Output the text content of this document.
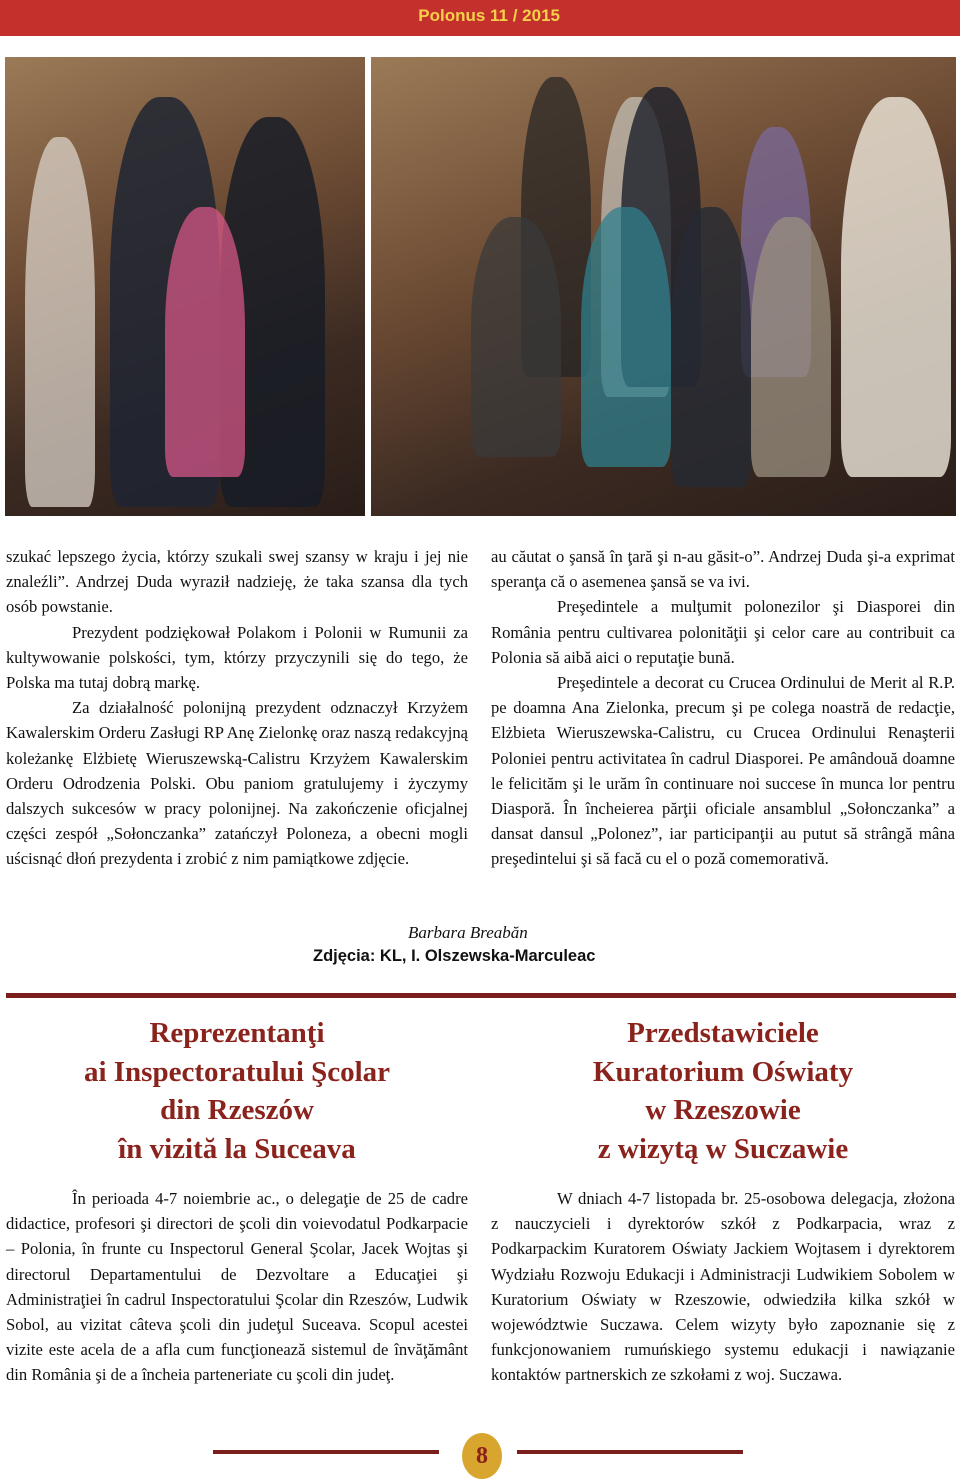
Polonus 11 / 2015

szukać lepszego życia, którzy szukali swej szansy w kraju i jej nie znaleźli”. Andrzej Duda wyraził nadzieję, że taka szansa dla tych osób powstanie.

Prezydent podziękował Polakom i Polonii w Rumunii za kultywowanie polskości, tym, którzy przyczynili się do tego, że Polska ma tutaj dobrą markę.

Za działalność polonijną prezydent odznaczył Krzyżem Kawalerskim Orderu Zasługi RP Anę Zielonkę oraz naszą redakcyjną koleżankę Elżbietę Wieruszewską-Calistru Krzyżem Kawalerskim Orderu Odrodzenia Polski. Obu paniom gratulujemy i życzymy dalszych sukcesów w pracy polonijnej. Na zakończenie oficjalnej części zespół „Sołonczanka” zatańczył Poloneza, a obecni mogli uścisnąć dłoń prezydenta i zrobić z nim pamiątkowe zdjęcie.

au căutat o şansă în ţară şi n-au găsit-o”. Andrzej Duda şi-a exprimat speranţa că o asemenea şansă se va ivi.

Preşedintele a mulţumit polonezilor şi Diasporei din România pentru cultivarea polonităţii şi celor care au contribuit ca Polonia să aibă aici o reputaţie bună.

Preşedintele a decorat cu Crucea Ordinului de Merit al R.P. pe doamna Ana Zielonka, precum şi pe colega noastră de redacţie, Elżbieta Wieruszewska-Calistru, cu Crucea Ordinului Renaşterii Poloniei pentru activitatea în cadrul Diasporei. Pe amândouă doamne le felicităm şi le urăm în continuare noi succese în munca lor pentru Diasporă. În încheierea părţii oficiale ansamblul „Sołonczanka” a dansat dansul „Polonez”, iar participanţii au putut să strângă mâna preşedintelui şi să facă cu el o poză comemorativă.

Barbara Breabăn
Zdjęcia: KL, I. Olszewska-Marculeac
Reprezentanţi
ai Inspectoratului Şcolar
din Rzeszów
în vizită la Suceava
Przedstawiciele
Kuratorium Oświaty
w Rzeszowie
z wizytą w Suczawie

În perioada 4-7 noiembrie ac., o delegaţie de 25 de cadre didactice, profesori şi directori de şcoli din voievodatul Podkarpacie – Polonia, în frunte cu Inspectorul General Şcolar, Jacek Wojtas şi directorul Departamentului de Dezvoltare a Educaţiei şi Administraţiei în cadrul Inspectoratului Şcolar din Rzeszów, Ludwik Sobol, au vizitat câteva şcoli din judeţul Suceava. Scopul acestei vizite este acela de a afla cum funcţionează sistemul de învăţământ din România şi de a încheia parteneriate cu şcoli din judeţ.

W dniach 4-7 listopada br. 25-osobowa delegacja, złożona z nauczycieli i dyrektorów szkół z Podkarpacia, wraz z Podkarpackim Kuratorem Oświaty Jackiem Wojtasem i dyrektorem Wydziału Rozwoju Edukacji i Administracji Ludwikiem Sobolem w Kuratorium Oświaty w Rzeszowie, odwiedziła kilka szkół w województwie Suczawa. Celem wizyty było zapoznanie się z funkcjonowaniem rumuńskiego systemu edukacji i nawiązanie kontaktów partnerskich ze szkołami z woj. Suczawa.

8
